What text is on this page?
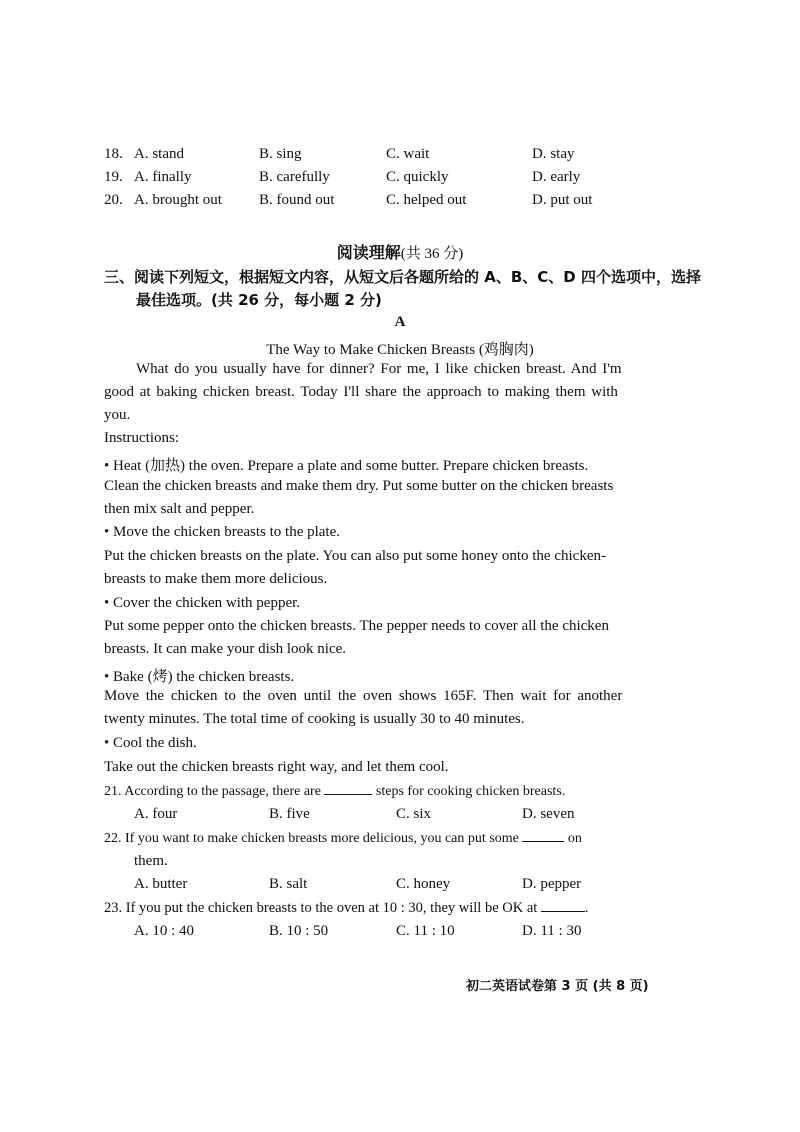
18. A. stand	B. sing	C. wait	D. stay
19. A. finally	B. carefully	C. quickly	D. early
20. A. brought out B. found out	C. helped out	D. put out
阅读理解(共 36 分)
三、阅读下列短文，根据短文内容，从短文后各题所给的 A、B、C、D 四个选项中，选择
最佳选项。(共 26 分，每小题 2 分)
A
The Way to Make Chicken Breasts (鸡胸肉)
What do you usually have for dinner? For me, I like chicken breast. And I'm
good at baking chicken breast. Today I'll share the approach to making them with
you.
Instructions:
• Heat (加热) the oven. Prepare a plate and some butter. Prepare chicken breasts.
Clean the chicken breasts and make them dry. Put some butter on the chicken breasts
then mix salt and pepper.
• Move the chicken breasts to the plate.
Put the chicken breasts on the plate. You can also put some honey onto the chicken-
breasts to make them more delicious.
• Cover the chicken with pepper.
Put some pepper onto the chicken breasts. The pepper needs to cover all the chicken
breasts. It can make your dish look nice.
• Bake (烤) the chicken breasts.
Move the chicken to the oven until the oven shows 165F. Then wait for another
twenty minutes. The total time of cooking is usually 30 to 40 minutes.
• Cool the dish.
Take out the chicken breasts right way, and let them cool.
21. According to the passage, there are	steps for cooking chicken breasts.
A. four	B. five	C. six	D. seven
22. If you want to make chicken breasts more delicious, you can put some	on
them.
A. butter	B. salt	C. honey	D. pepper
23. If you put the chicken breasts to the oven at 10 : 30, they will be OK at	.
A. 10 : 40	B. 10 : 50	C. 11 : 10	D. 11 : 30
初二英语试卷第 3 页 (共 8 页)
